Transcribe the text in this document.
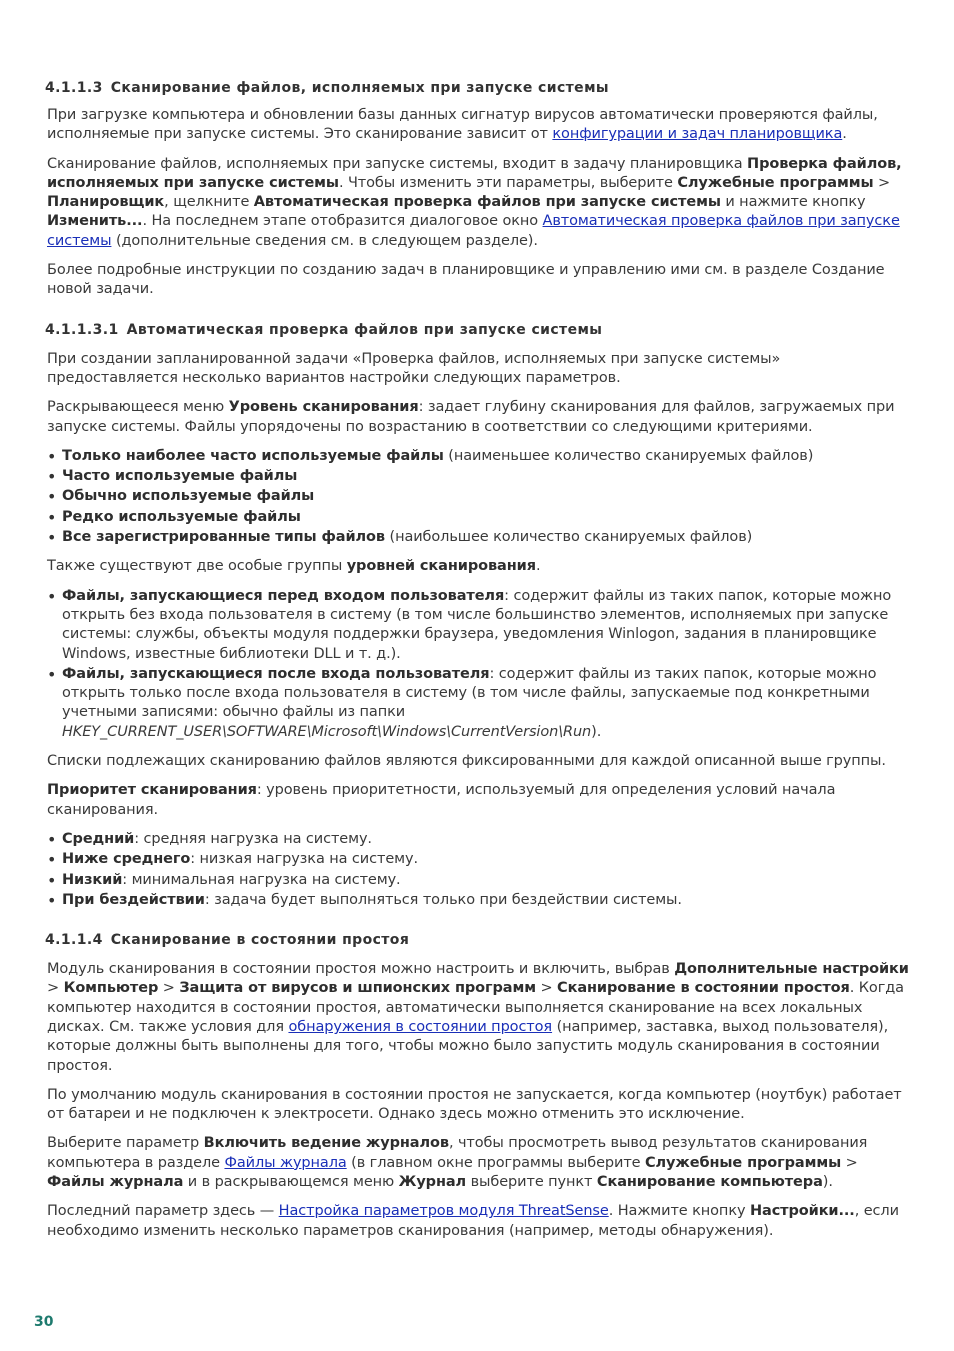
4.1.1.3 Сканирование файлов, исполняемых при запуске системы

При загрузке компьютера и обновлении базы данных сигнатур вирусов автоматически проверяются файлы, исполняемые при запуске системы. Это сканирование зависит от конфигурации и задач планировщика.

Сканирование файлов, исполняемых при запуске системы, входит в задачу планировщика Проверка файлов, исполняемых при запуске системы. Чтобы изменить эти параметры, выберите Служебные программы > Планировщик, щелкните Автоматическая проверка файлов при запуске системы и нажмите кнопку Изменить.... На последнем этапе отобразится диалоговое окно Автоматическая проверка файлов при запуске системы (дополнительные сведения см. в следующем разделе).

Более подробные инструкции по созданию задач в планировщике и управлению ими см. в разделе Создание новой задачи.

4.1.1.3.1 Автоматическая проверка файлов при запуске системы

При создании запланированной задачи «Проверка файлов, исполняемых при запуске системы» предоставляется несколько вариантов настройки следующих параметров.

Раскрывающееся меню Уровень сканирования: задает глубину сканирования для файлов, загружаемых при запуске системы. Файлы упорядочены по возрастанию в соответствии со следующими критериями.

• Только наиболее часто используемые файлы (наименьшее количество сканируемых файлов)
• Часто используемые файлы
• Обычно используемые файлы
• Редко используемые файлы
• Все зарегистрированные типы файлов (наибольшее количество сканируемых файлов)

Также существуют две особые группы уровней сканирования.

• Файлы, запускающиеся перед входом пользователя: содержит файлы из таких папок, которые можно открыть без входа пользователя в систему (в том числе большинство элементов, исполняемых при запуске системы: службы, объекты модуля поддержки браузера, уведомления Winlogon, задания в планировщике Windows, известные библиотеки DLL и т. д.).
• Файлы, запускающиеся после входа пользователя: содержит файлы из таких папок, которые можно открыть только после входа пользователя в систему (в том числе файлы, запускаемые под конкретными учетными записями: обычно файлы из папки HKEY_CURRENT_USER\SOFTWARE\Microsoft\Windows\CurrentVersion\Run).

Списки подлежащих сканированию файлов являются фиксированными для каждой описанной выше группы.

Приоритет сканирования: уровень приоритетности, используемый для определения условий начала сканирования.

• Средний: средняя нагрузка на систему.
• Ниже среднего: низкая нагрузка на систему.
• Низкий: минимальная нагрузка на систему.
• При бездействии: задача будет выполняться только при бездействии системы.
4.1.1.4 Сканирование в состоянии простоя

Модуль сканирования в состоянии простоя можно настроить и включить, выбрав Дополнительные настройки > Компьютер > Защита от вирусов и шпионских программ > Сканирование в состоянии простоя. Когда компьютер находится в состоянии простоя, автоматически выполняется сканирование на всех локальных дисках. См. также условия для обнаружения в состоянии простоя (например, заставка, выход пользователя), которые должны быть выполнены для того, чтобы можно было запустить модуль сканирования в состоянии простоя.

По умолчанию модуль сканирования в состоянии простоя не запускается, когда компьютер (ноутбук) работает от батареи и не подключен к электросети. Однако здесь можно отменить это исключение.

Выберите параметр Включить ведение журналов, чтобы просмотреть вывод результатов сканирования компьютера в разделе Файлы журнала (в главном окне программы выберите Служебные программы > Файлы журнала и в раскрывающемся меню Журнал выберите пункт Сканирование компьютера).

Последний параметр здесь — Настройка параметров модуля ThreatSense. Нажмите кнопку Настройки..., если необходимо изменить несколько параметров сканирования (например, методы обнаружения).

30
